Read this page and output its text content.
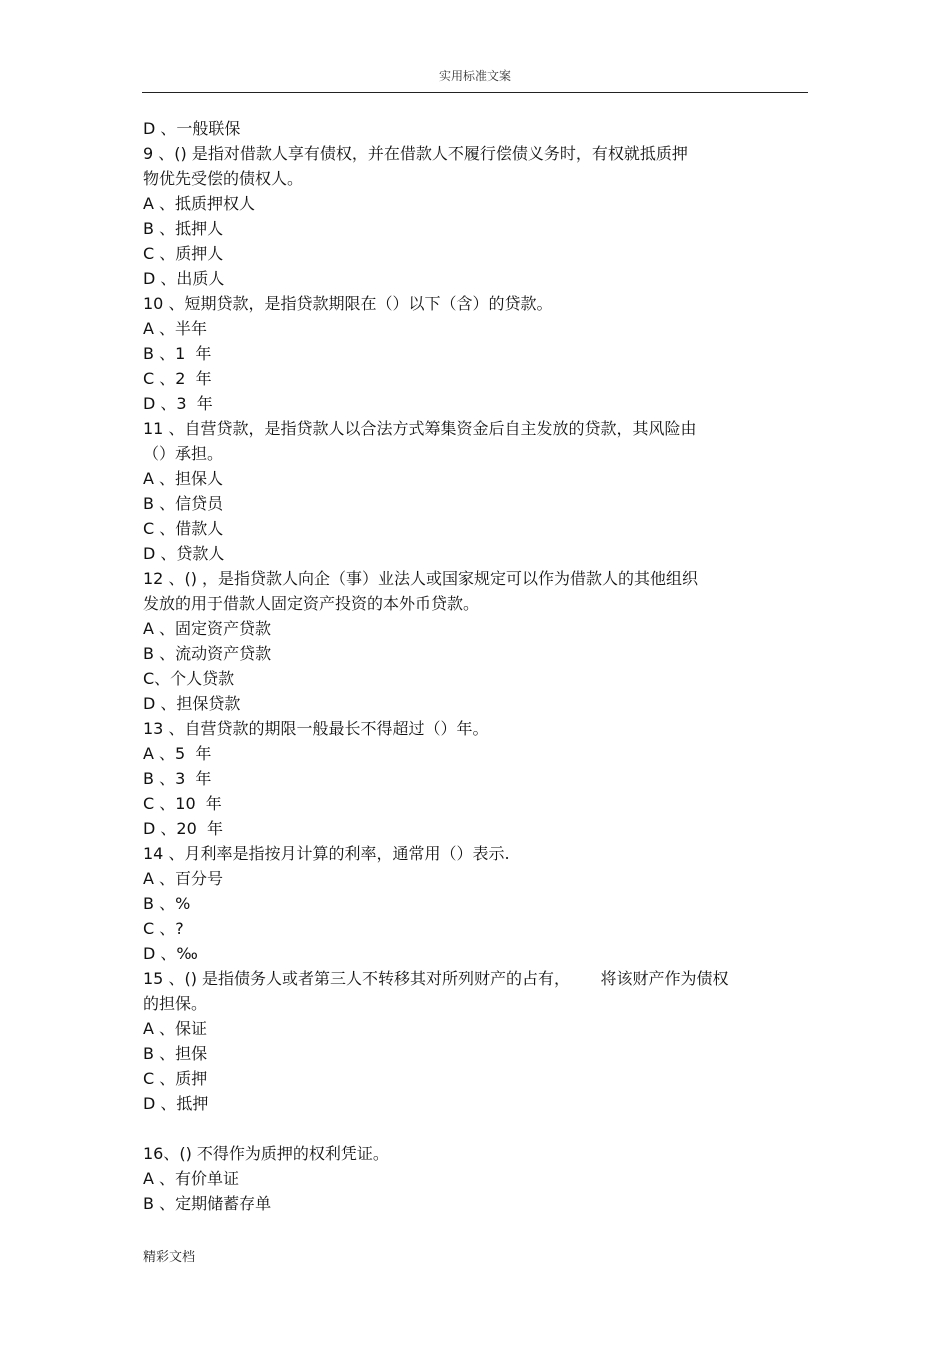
实用标准文案
D 、一般联保
9 、() 是指对借款人享有债权，并在借款人不履行偿债义务时，有权就抵质押
物优先受偿的债权人。
A 、抵质押权人
B 、抵押人
C 、质押人
D 、出质人
10 、短期贷款，是指贷款期限在（）以下（含）的贷款。
A 、半年
B 、1  年
C 、2  年
D 、3  年
11 、自营贷款，是指贷款人以合法方式筹集资金后自主发放的贷款，其风险由
（）承担。
A 、担保人
B 、信贷员
C 、借款人
D 、贷款人
12 、() ，是指贷款人向企（事）业法人或国家规定可以作为借款人的其他组织
发放的用于借款人固定资产投资的本外币贷款。
A 、固定资产贷款
B 、流动资产贷款
C、个人贷款
D 、担保贷款
13 、自营贷款的期限一般最长不得超过（）年。
A 、5  年
B 、3  年
C 、10  年
D 、20  年
14 、月利率是指按月计算的利率，通常用（）表示.
A 、百分号
B 、%
C 、?
D 、‰
15 、() 是指债务人或者第三人不转移其对所列财产的占有，      将该财产作为债权
的担保。
A 、保证
B 、担保
C 、质押
D 、抵押
16、() 不得作为质押的权利凭证。
A 、有价单证
B 、定期储蓄存单
精彩文档
